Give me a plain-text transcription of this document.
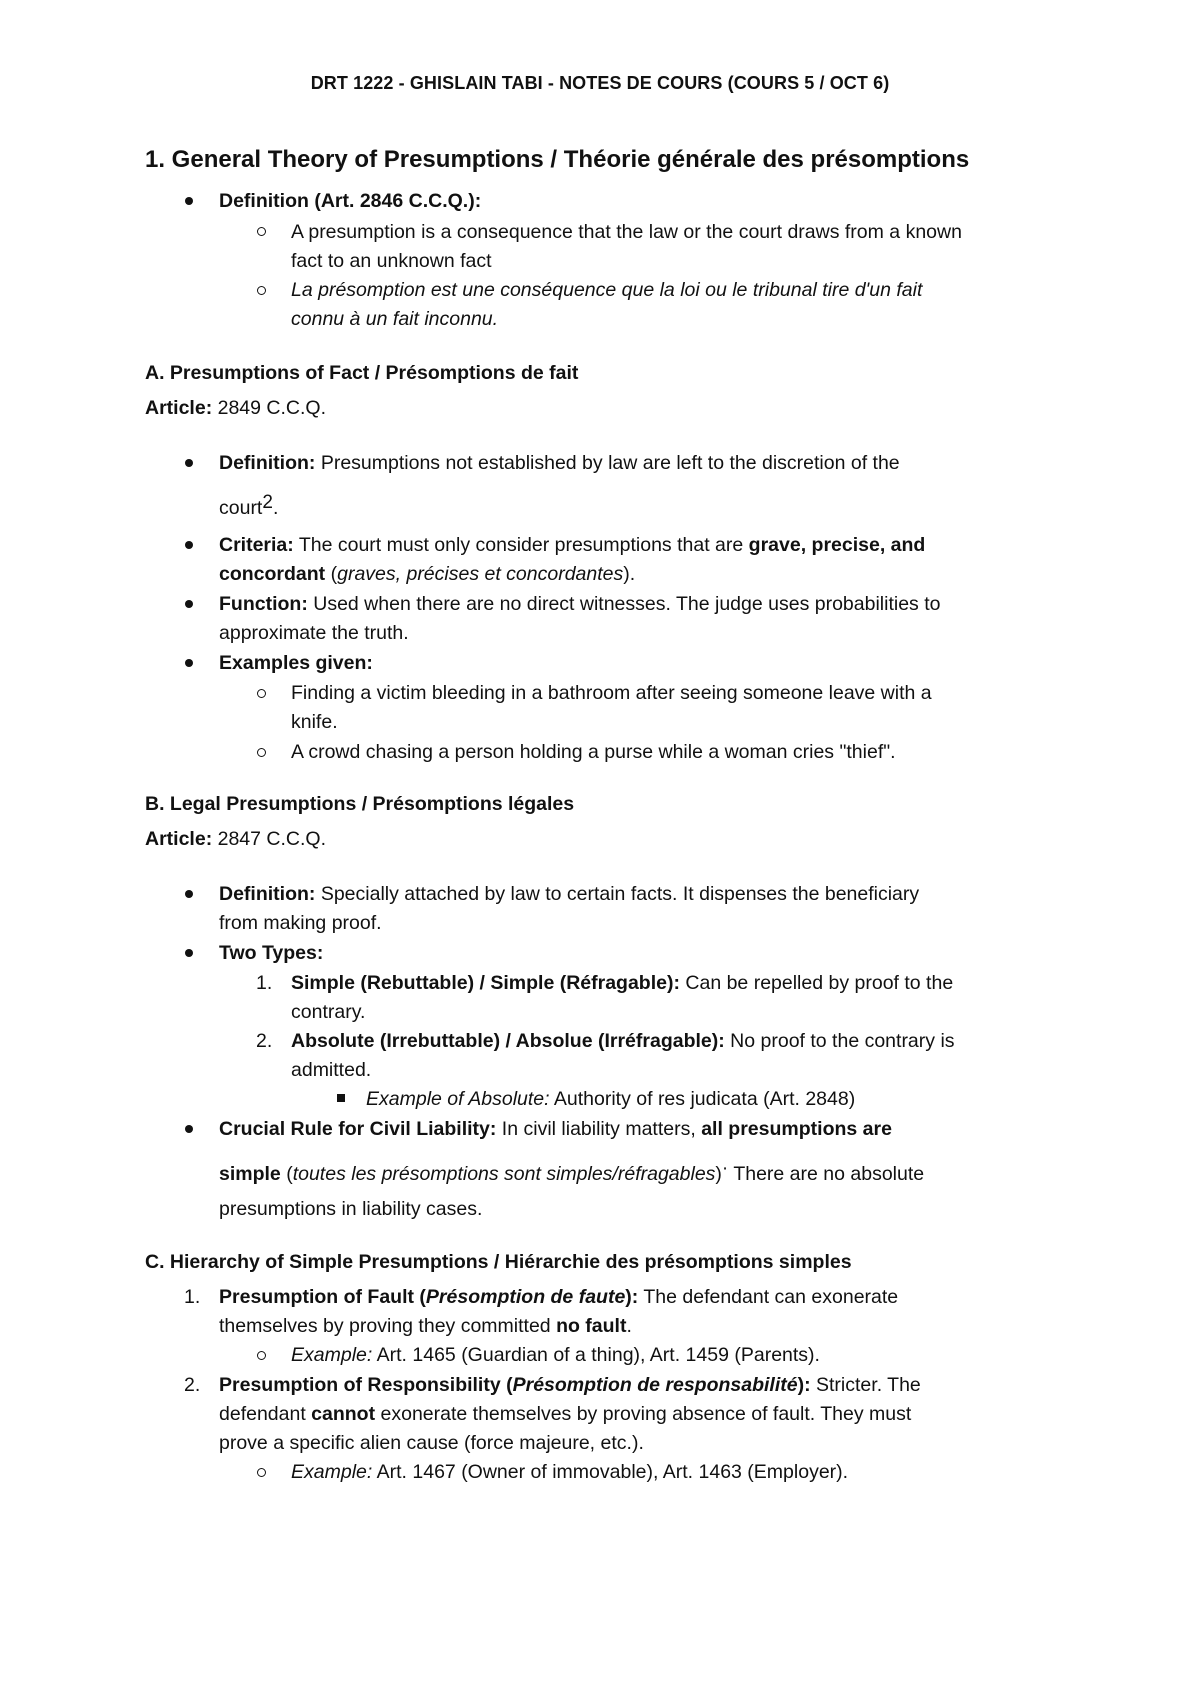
DRT 1222 - GHISLAIN TABI - NOTES DE COURS (COURS 5 / OCT 6)
1. General Theory of Presumptions / Théorie générale des présomptions
Definition (Art. 2846 C.C.Q.):
A presumption is a consequence that the law or the court draws from a known
fact to an unknown fact
La présomption est une conséquence que la loi ou le tribunal tire d'un fait
connu à un fait inconnu.
A. Presumptions of Fact / Présomptions de fait
Article: 2849 C.C.Q.
Definition: Presumptions not established by law are left to the discretion of the
court$^2$.
Criteria: The court must only consider presumptions that are grave, precise, and
concordant (graves, précises et concordantes).
Function: Used when there are no direct witnesses. The judge uses probabilities to
approximate the truth.
Examples given:
Finding a victim bleeding in a bathroom after seeing someone leave with a
knife.
A crowd chasing a person holding a purse while a woman cries "thief".
B. Legal Presumptions / Présomptions légales
Article: 2847 C.C.Q.
Definition: Specially attached by law to certain facts. It dispenses the beneficiary
from making proof.
Two Types:
1. Simple (Rebuttable) / Simple (Réfragable): Can be repelled by proof to the
contrary.
2. Absolute (Irrebuttable) / Absolue (Irréfragable): No proof to the contrary is
admitted.
Example of Absolute: Authority of res judicata (Art. 2848)
Crucial Rule for Civil Liability: In civil liability matters, all presumptions are
simple (toutes les présomptions sont simples/réfragables)· There are no absolute
presumptions in liability cases.
C. Hierarchy of Simple Presumptions / Hiérarchie des présomptions simples
1. Presumption of Fault (Présomption de faute): The defendant can exonerate
themselves by proving they committed no fault.
Example: Art. 1465 (Guardian of a thing), Art. 1459 (Parents).
2. Presumption of Responsibility (Présomption de responsabilité): Stricter. The
defendant cannot exonerate themselves by proving absence of fault. They must
prove a specific alien cause (force majeure, etc.).
Example: Art. 1467 (Owner of immovable), Art. 1463 (Employer).
